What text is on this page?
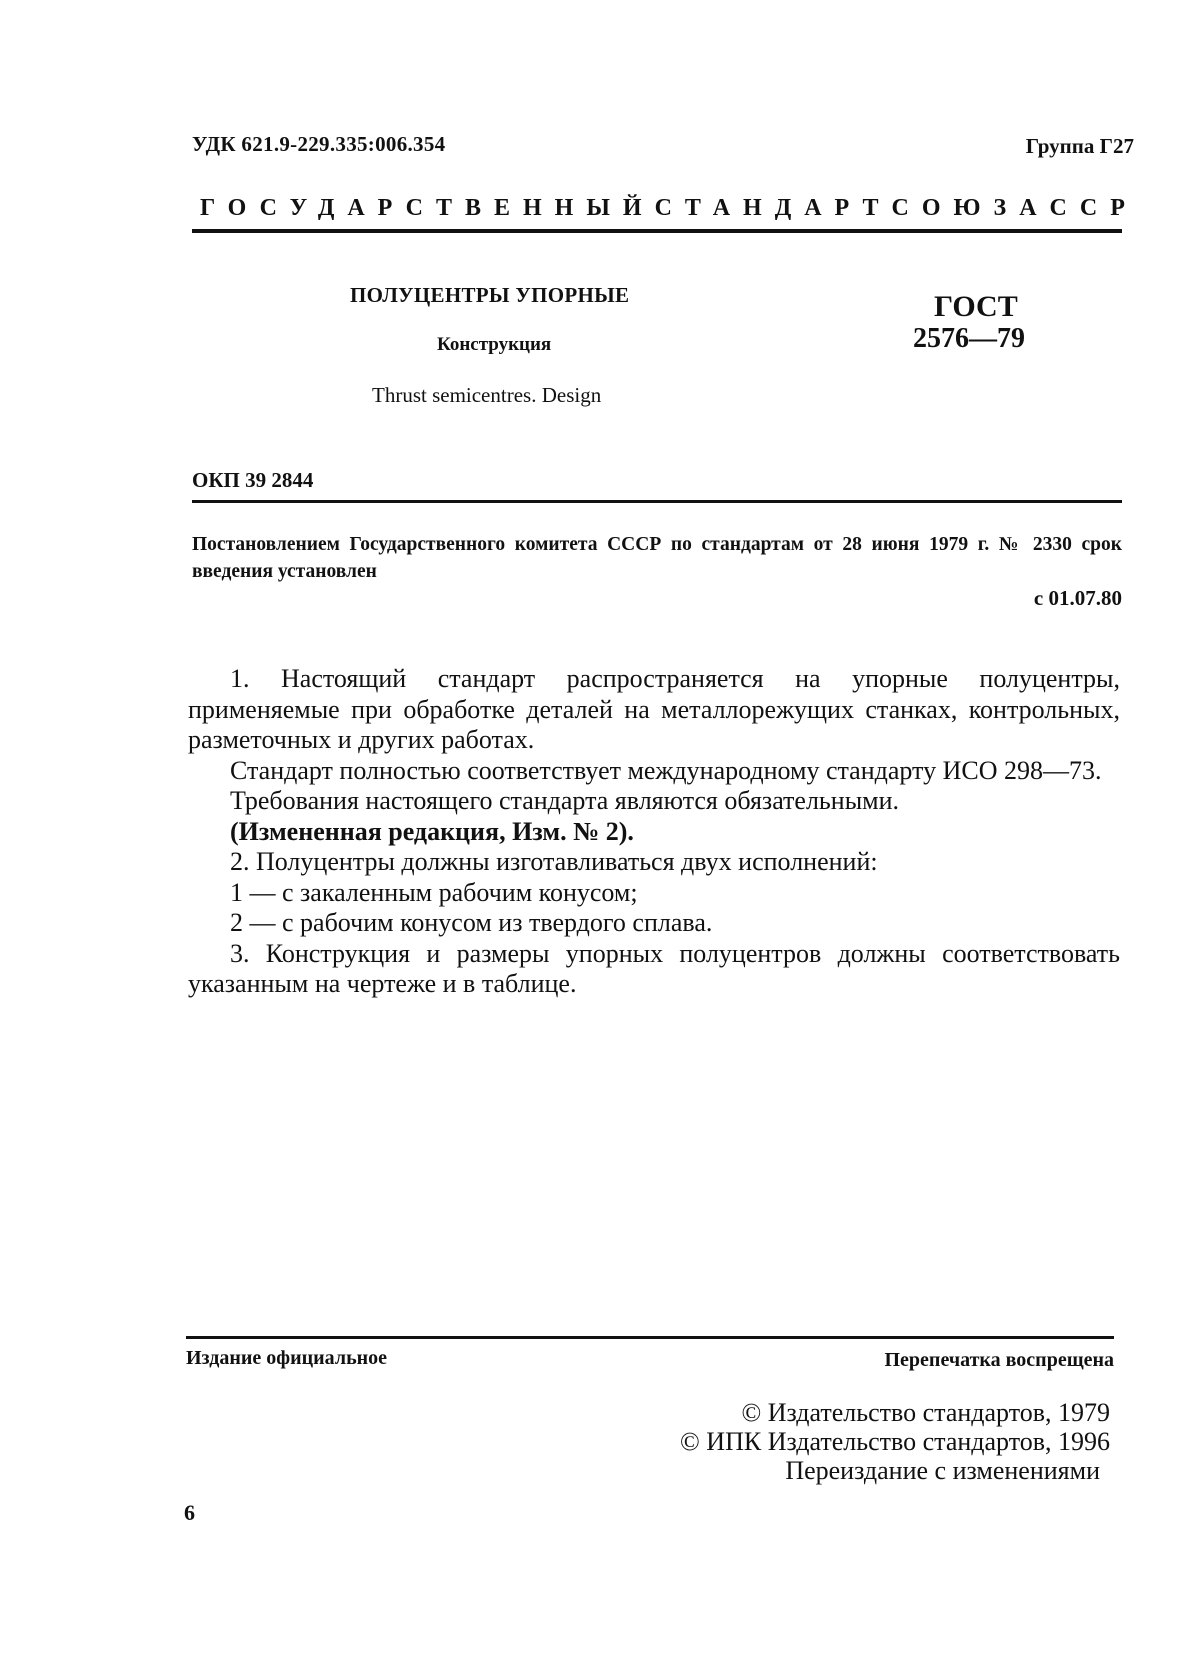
УДК 621.9-229.335:006.354	Группа Г27
ГОСУДАРСТВЕННЫЙ СТАНДАРТ СОЮЗА ССР
ПОЛУЦЕНТРЫ УПОРНЫЕ
Конструкция
Thrust semicentres. Design
ГОСТ
2576—79
ОКП 39 2844
Постановлением Государственного комитета СССР по стандартам от 28 июня 1979 г. № 2330 срок введения установлен
с 01.07.80

1. Настоящий стандарт распространяется на упорные полуцентры, применяемые при обработке деталей на металлорежущих станках, контрольных, разметочных и других работах.

Стандарт полностью соответствует международному стандарту ИСО 298—73.

Требования настоящего стандарта являются обязательными.

(Измененная редакция, Изм. № 2).

2. Полуцентры должны изготавливаться двух исполнений:

1 — с закаленным рабочим конусом;

2 — с рабочим конусом из твердого сплава.

3. Конструкция и размеры упорных полуцентров должны соответствовать указанным на чертеже и в таблице.

Издание официальное	Перепечатка воспрещена
© Издательство стандартов, 1979
© ИПК Издательство стандартов, 1996
Переиздание с изменениями
6
